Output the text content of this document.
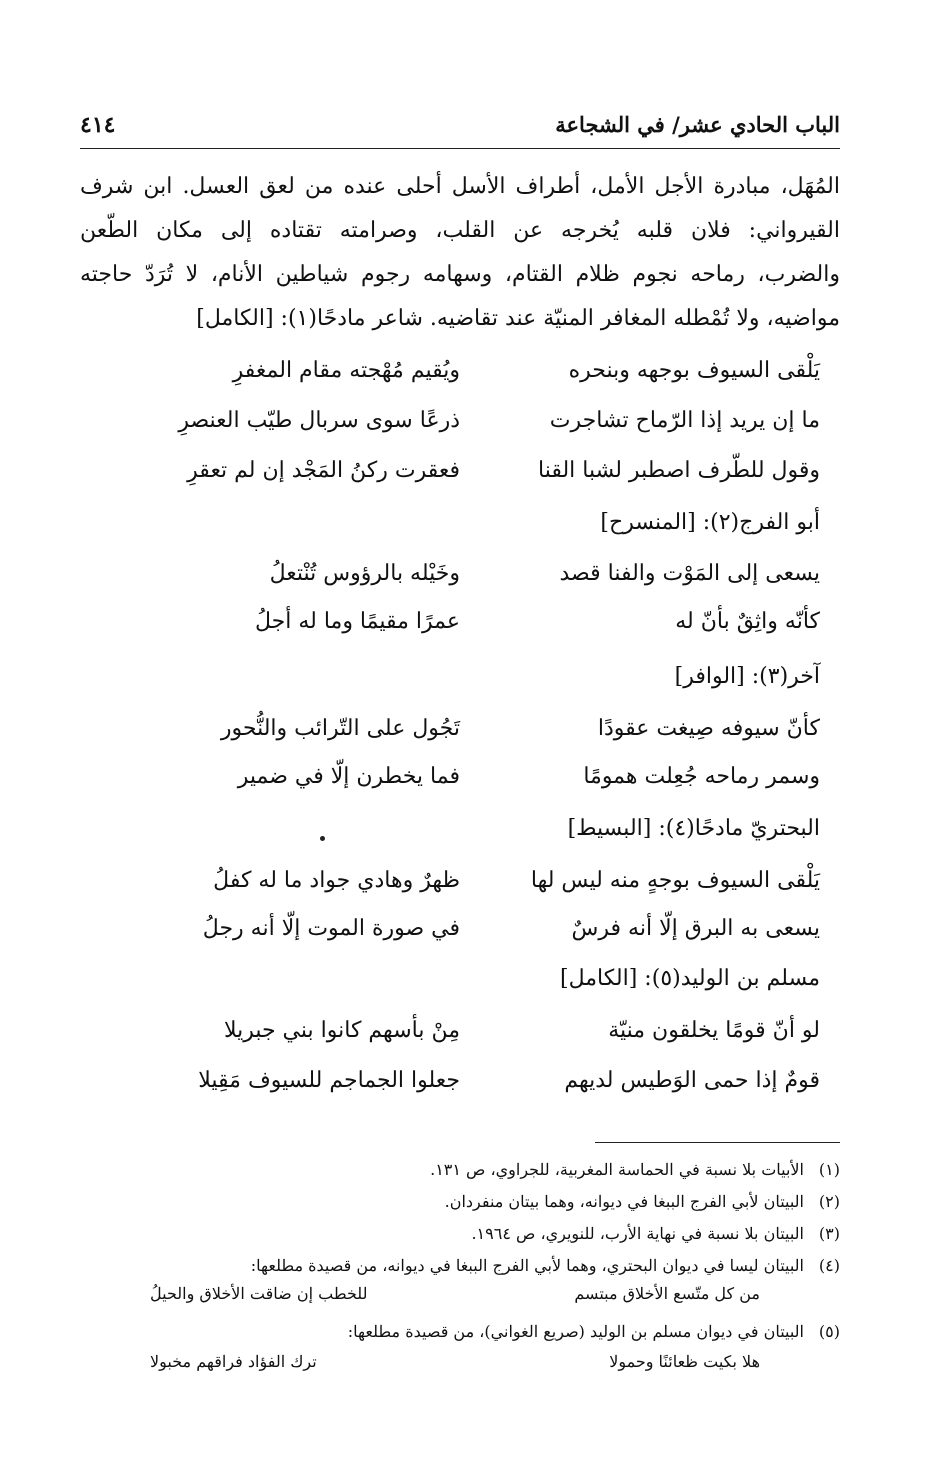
الباب الحادي عشر/ في الشجاعة
٤١٤
المُهَل، مبادرة الأجل الأمل، أطراف الأسل أحلى عنده من لعق العسل. ابن شرف
القيرواني: فلان قلبه يُخرجه عن القلب، وصرامته تقتاده إلى مكان الطّعن
والضرب، رماحه نجوم ظلام القتام، وسهامه رجوم شياطين الأنام، لا تُرَدّ حاجته
مواضيه، ولا تُمْطله المغافر المنيّة عند تقاضيه. شاعر مادحًا(١): [الكامل]
يَلْقى السيوف بوجهه وبنحره
ويُقيم مُهْجته مقام المغفرِ
ما إن يريد إذا الرّماح تشاجرت
ذرعًا سوى سربال طيّب العنصرِ
وقول للطّرف اصطبر لشبا القنا
فعقرت ركنُ المَجْد إن لم تعقرِ
أبو الفرج(٢): [المنسرح]
يسعى إلى المَوْت والفنا قصد
وخَيْله بالرؤوس تُنْتعلُ
كأنّه واثِقٌ بأنّ له
عمرًا مقيمًا وما له أجلُ
آخر(٣): [الوافر]
كأنّ سيوفه صِيغت عقودًا
تَجُول على التّرائب والنُّحور
وسمر رماحه جُعِلت همومًا
فما يخطرن إلّا في ضمير
البحتريّ مادحًا(٤): [البسيط]
يَلْقى السيوف بوجهٍ منه ليس لها
ظهرٌ وهادي جواد ما له كفلُ
يسعى به البرق إلّا أنه فرسٌ
في صورة الموت إلّا أنه رجلُ
مسلم بن الوليد(٥): [الكامل]
لو أنّ قومًا يخلقون منيّة
مِنْ بأسهم كانوا بني جبريلا
قومٌ إذا حمى الوَطيس لديهم
جعلوا الجماجم للسيوف مَقِيلا
(١)الأبيات بلا نسبة في الحماسة المغربية، للجراوي، ص ١٣١.
(٢)البيتان لأبي الفرج الببغا في ديوانه، وهما بيتان منفردان.
(٣)البيتان بلا نسبة في نهاية الأرب، للنويري، ص ١٩٦٤.
(٤)البيتان ليسا في ديوان البحتري، وهما لأبي الفرج الببغا في ديوانه، من قصيدة مطلعها:
من كل متّسع الأخلاق مبتسم
للخطب إن ضاقت الأخلاق والحيلُ
(٥)البيتان في ديوان مسلم بن الوليد (صريع الغواني)، من قصيدة مطلعها:
هلا بكيت ظعائنًا وحمولا
ترك الفؤاد فراقهم مخبولا
